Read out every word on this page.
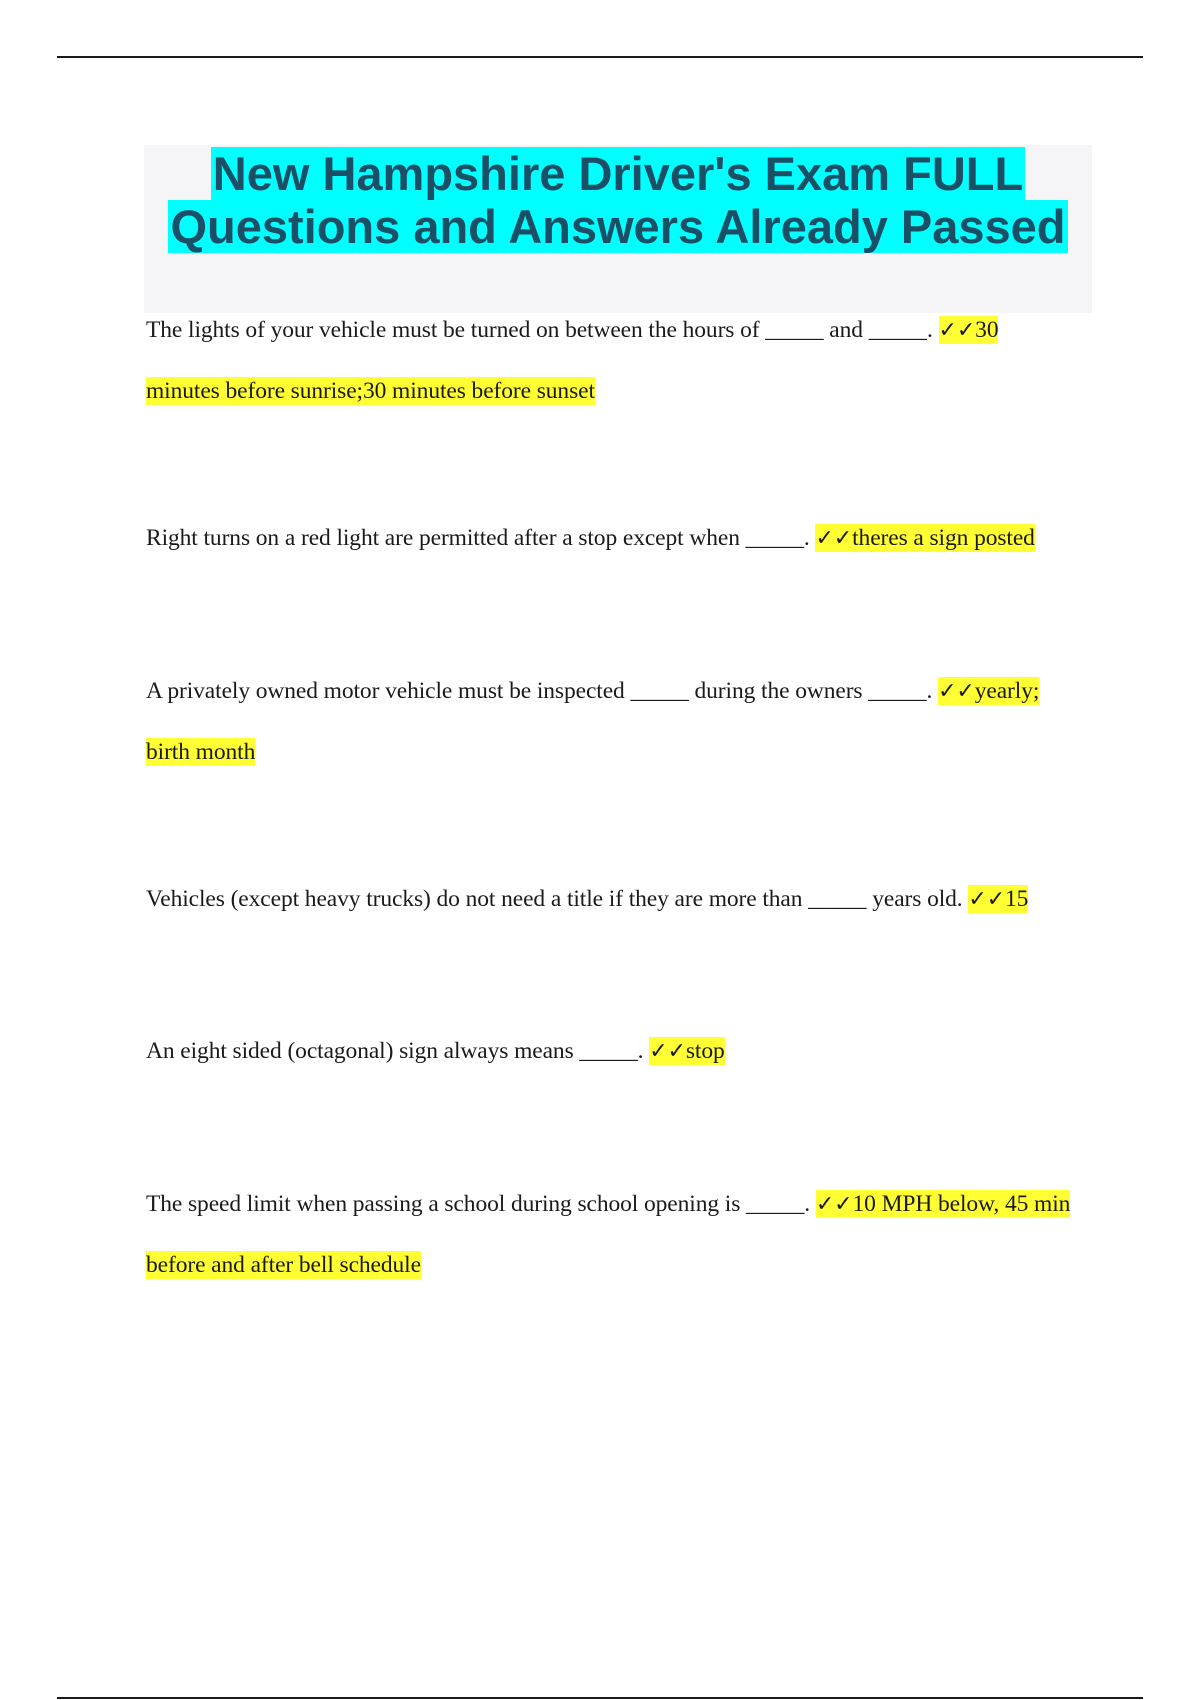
New Hampshire Driver's Exam FULL
Questions and Answers Already Passed
The lights of your vehicle must be turned on between the hours of _____ and _____. ✓✓30 minutes before sunrise;30 minutes before sunset
Right turns on a red light are permitted after a stop except when _____. ✓✓theres a sign posted
A privately owned motor vehicle must be inspected _____ during the owners _____. ✓✓yearly; birth month
Vehicles (except heavy trucks) do not need a title if they are more than _____ years old. ✓✓15
An eight sided (octagonal) sign always means _____. ✓✓stop
The speed limit when passing a school during school opening is _____. ✓✓10 MPH below, 45 min before and after bell schedule
